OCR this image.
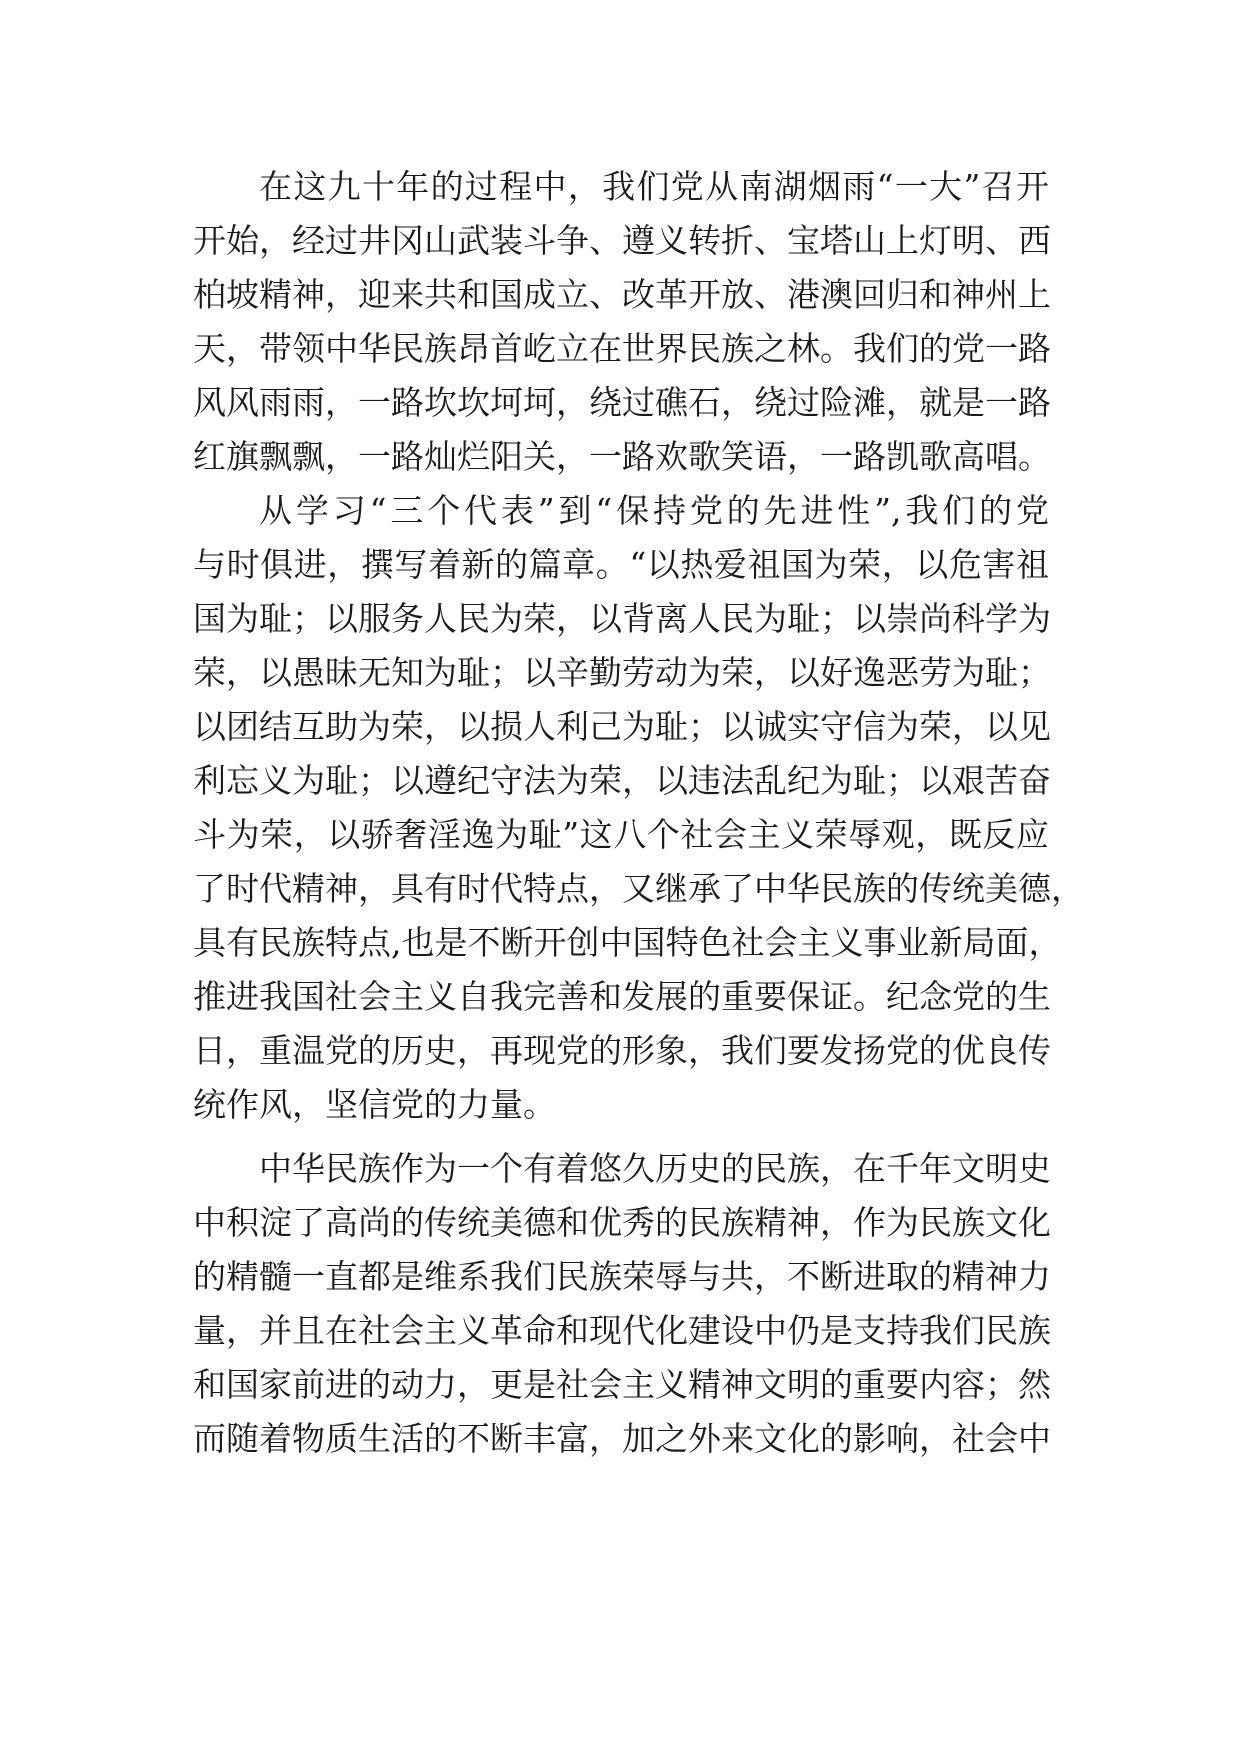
在这九十年的过程中，我们党从南湖烟雨“一大”召开
开始，经过井冈山武装斗争、遵义转折、宝塔山上灯明、西
柏坡精神，迎来共和国成立、改革开放、港澳回归和神州上
天，带领中华民族昂首屹立在世界民族之林。我们的党一路
风风雨雨，一路坎坎坷坷，绕过礁石，绕过险滩，就是一路
红旗飘飘，一路灿烂阳关，一路欢歌笑语，一路凯歌高唱。
从学习“三个代表”到“保持党的先进性”,我们的党
与时俱进，撰写着新的篇章。“以热爱祖国为荣，以危害祖
国为耻；以服务人民为荣，以背离人民为耻；以崇尚科学为
荣，以愚昧无知为耻；以辛勤劳动为荣，以好逸恶劳为耻；
以团结互助为荣，以损人利己为耻；以诚实守信为荣，以见
利忘义为耻；以遵纪守法为荣，以违法乱纪为耻；以艰苦奋
斗为荣，以骄奢淫逸为耻”这八个社会主义荣辱观，既反应
了时代精神，具有时代特点，又继承了中华民族的传统美德，
具有民族特点,也是不断开创中国特色社会主义事业新局面，
推进我国社会主义自我完善和发展的重要保证。纪念党的生
日，重温党的历史，再现党的形象，我们要发扬党的优良传
统作风，坚信党的力量。
中华民族作为一个有着悠久历史的民族，在千年文明史
中积淀了高尚的传统美德和优秀的民族精神，作为民族文化
的精髓一直都是维系我们民族荣辱与共，不断进取的精神力
量，并且在社会主义革命和现代化建设中仍是支持我们民族
和国家前进的动力，更是社会主义精神文明的重要内容；然
而随着物质生活的不断丰富，加之外来文化的影响，社会中
